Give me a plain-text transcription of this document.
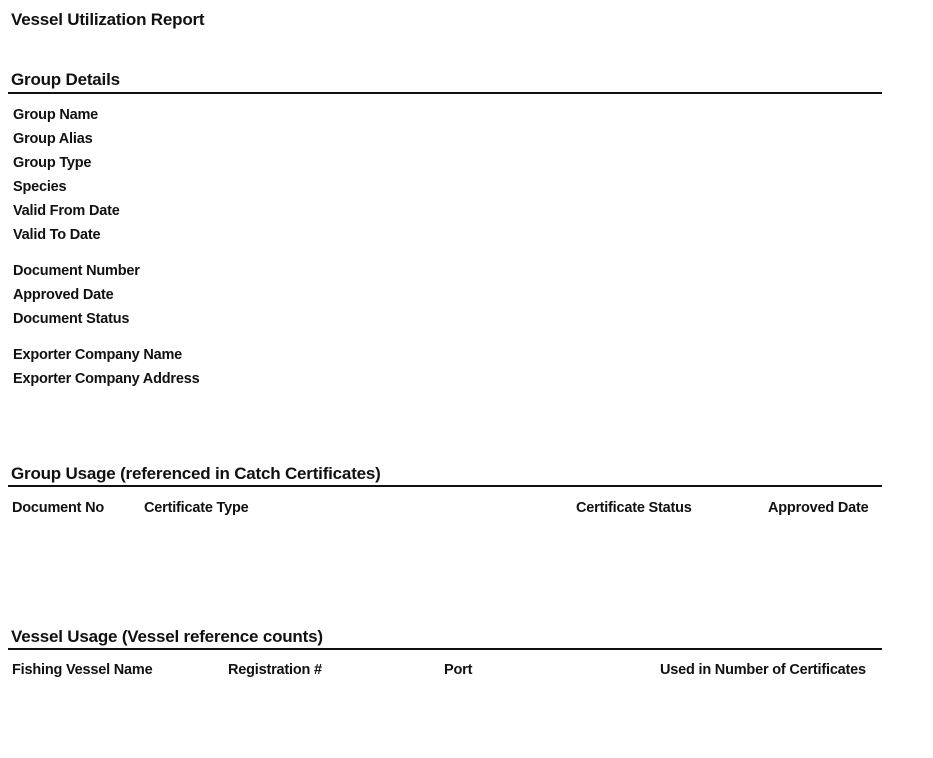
Vessel Utilization Report
Group Details
Group Name
Group Alias
Group Type
Species
Valid From Date
Valid To Date
Document Number
Approved Date
Document Status
Exporter Company Name
Exporter Company Address
Group Usage (referenced in Catch Certificates)
Document No	Certificate Type	Certificate Status	Approved Date
Vessel Usage (Vessel reference counts)
Fishing Vessel Name	Registration #	Port	Used in Number of Certificates
